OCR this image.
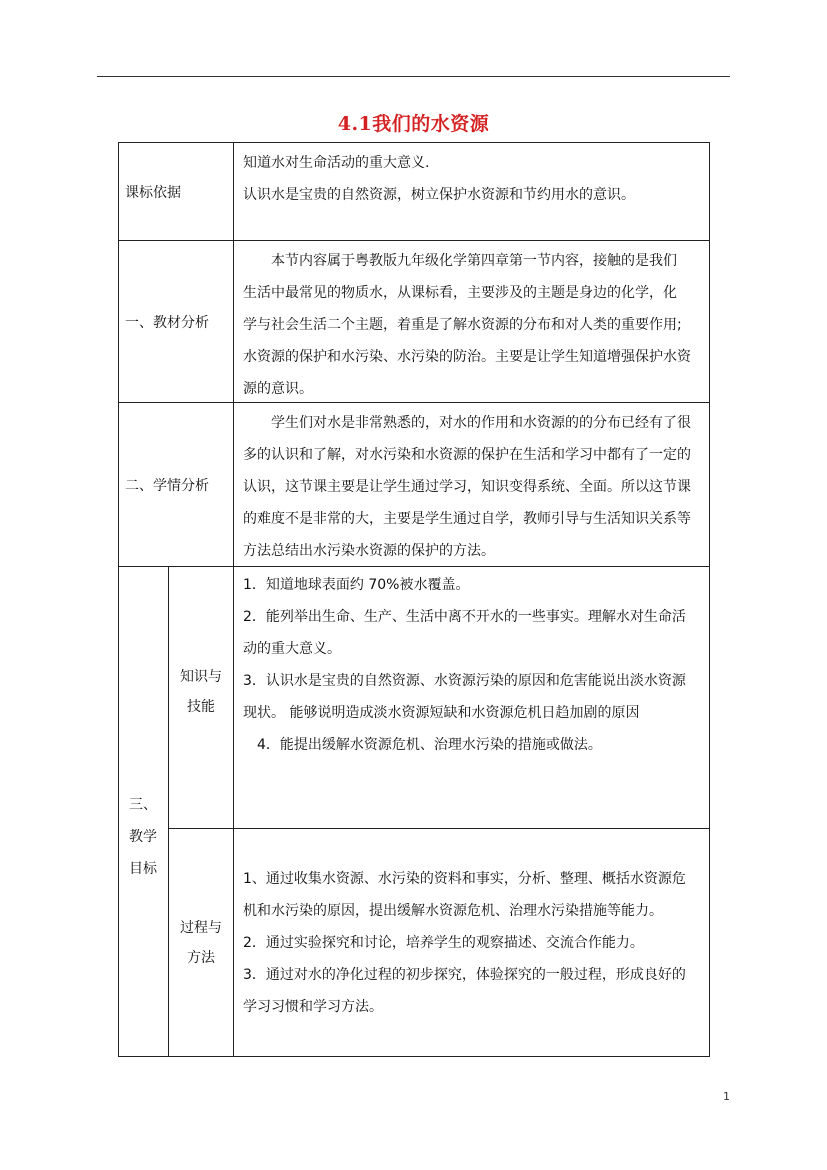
4.1我们的水资源
课标依据

知道水对生命活动的重大意义.

认识水是宝贵的自然资源，树立保护水资源和节约用水的意识。

一、教材分析

本节内容属于粤教版九年级化学第四章第一节内容，接触的是我们

生活中最常见的物质水，从课标看，主要涉及的主题是身边的化学，化

学与社会生活二个主题，着重是了解水资源的分布和对人类的重要作用;

水资源的保护和水污染、水污染的防治。主要是让学生知道增强保护水资

源的意识。

二、学情分析

学生们对水是非常熟悉的，对水的作用和水资源的的分布已经有了很

多的认识和了解，对水污染和水资源的保护在生活和学习中都有了一定的

认识，这节课主要是让学生通过学习，知识变得系统、全面。所以这节课

的难度不是非常的大，主要是学生通过自学，教师引导与生活知识关系等

方法总结出水污染水资源的保护的方法。

三、
教学
目标
知识与
技能

1．知道地球表面约 70%被水覆盖。

2．能列举出生命、生产、生活中离不开水的一些事实。理解水对生命活

动的重大意义。

3．认识水是宝贵的自然资源、水资源污染的原因和危害能说出淡水资源

现状。 能够说明造成淡水资源短缺和水资源危机日趋加剧的原因

4．能提出缓解水资源危机、治理水污染的措施或做法。

过程与
方法

1、通过收集水资源、水污染的资料和事实，分析、整理、概括水资源危

机和水污染的原因，提出缓解水资源危机、治理水污染措施等能力。

2．通过实验探究和讨论，培养学生的观察描述、交流合作能力。

3．通过对水的净化过程的初步探究，体验探究的一般过程，形成良好的

学习习惯和学习方法。

1
